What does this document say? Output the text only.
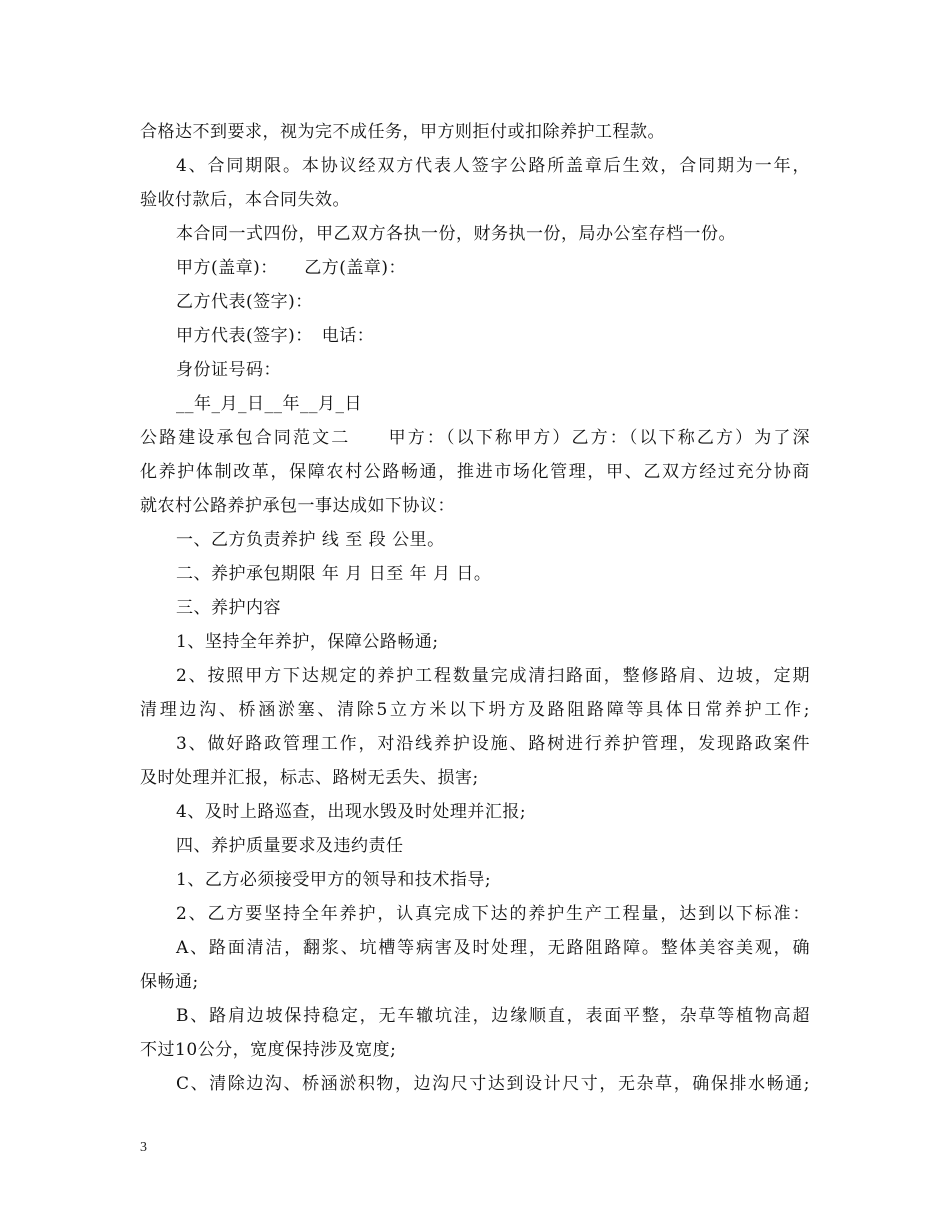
合格达不到要求，视为完不成任务，甲方则拒付或扣除养护工程款。
4、合同期限。本协议经双方代表人签字公路所盖章后生效，合同期为一年，
验收付款后，本合同失效。
本合同一式四份，甲乙双方各执一份，财务执一份，局办公室存档一份。
甲方(盖章)：　　乙方(盖章)：
乙方代表(签字)：
甲方代表(签字)：　电话：
身份证号码：
__年_月_日__年__月_日
公路建设承包合同范文二　　甲方：（以下称甲方）乙方：（以下称乙方）为了深
化养护体制改革，保障农村公路畅通，推进市场化管理，甲、乙双方经过充分协商
就农村公路养护承包一事达成如下协议：
一、乙方负责养护 线 至 段 公里。
二、养护承包期限 年 月 日至 年 月 日。
三、养护内容
1、坚持全年养护，保障公路畅通;
2、按照甲方下达规定的养护工程数量完成清扫路面，整修路肩、边坡，定期
清理边沟、桥涵淤塞、清除5立方米以下坍方及路阻路障等具体日常养护工作;
3、做好路政管理工作，对沿线养护设施、路树进行养护管理，发现路政案件
及时处理并汇报，标志、路树无丢失、损害;
4、及时上路巡查，出现水毁及时处理并汇报;
四、养护质量要求及违约责任
1、乙方必须接受甲方的领导和技术指导;
2、乙方要坚持全年养护，认真完成下达的养护生产工程量，达到以下标准：
A、路面清洁，翻浆、坑槽等病害及时处理，无路阻路障。整体美容美观，确
保畅通;
B、路肩边坡保持稳定，无车辙坑洼，边缘顺直，表面平整，杂草等植物高超
不过10公分，宽度保持涉及宽度;
C、清除边沟、桥涵淤积物，边沟尺寸达到设计尺寸，无杂草，确保排水畅通;
3
